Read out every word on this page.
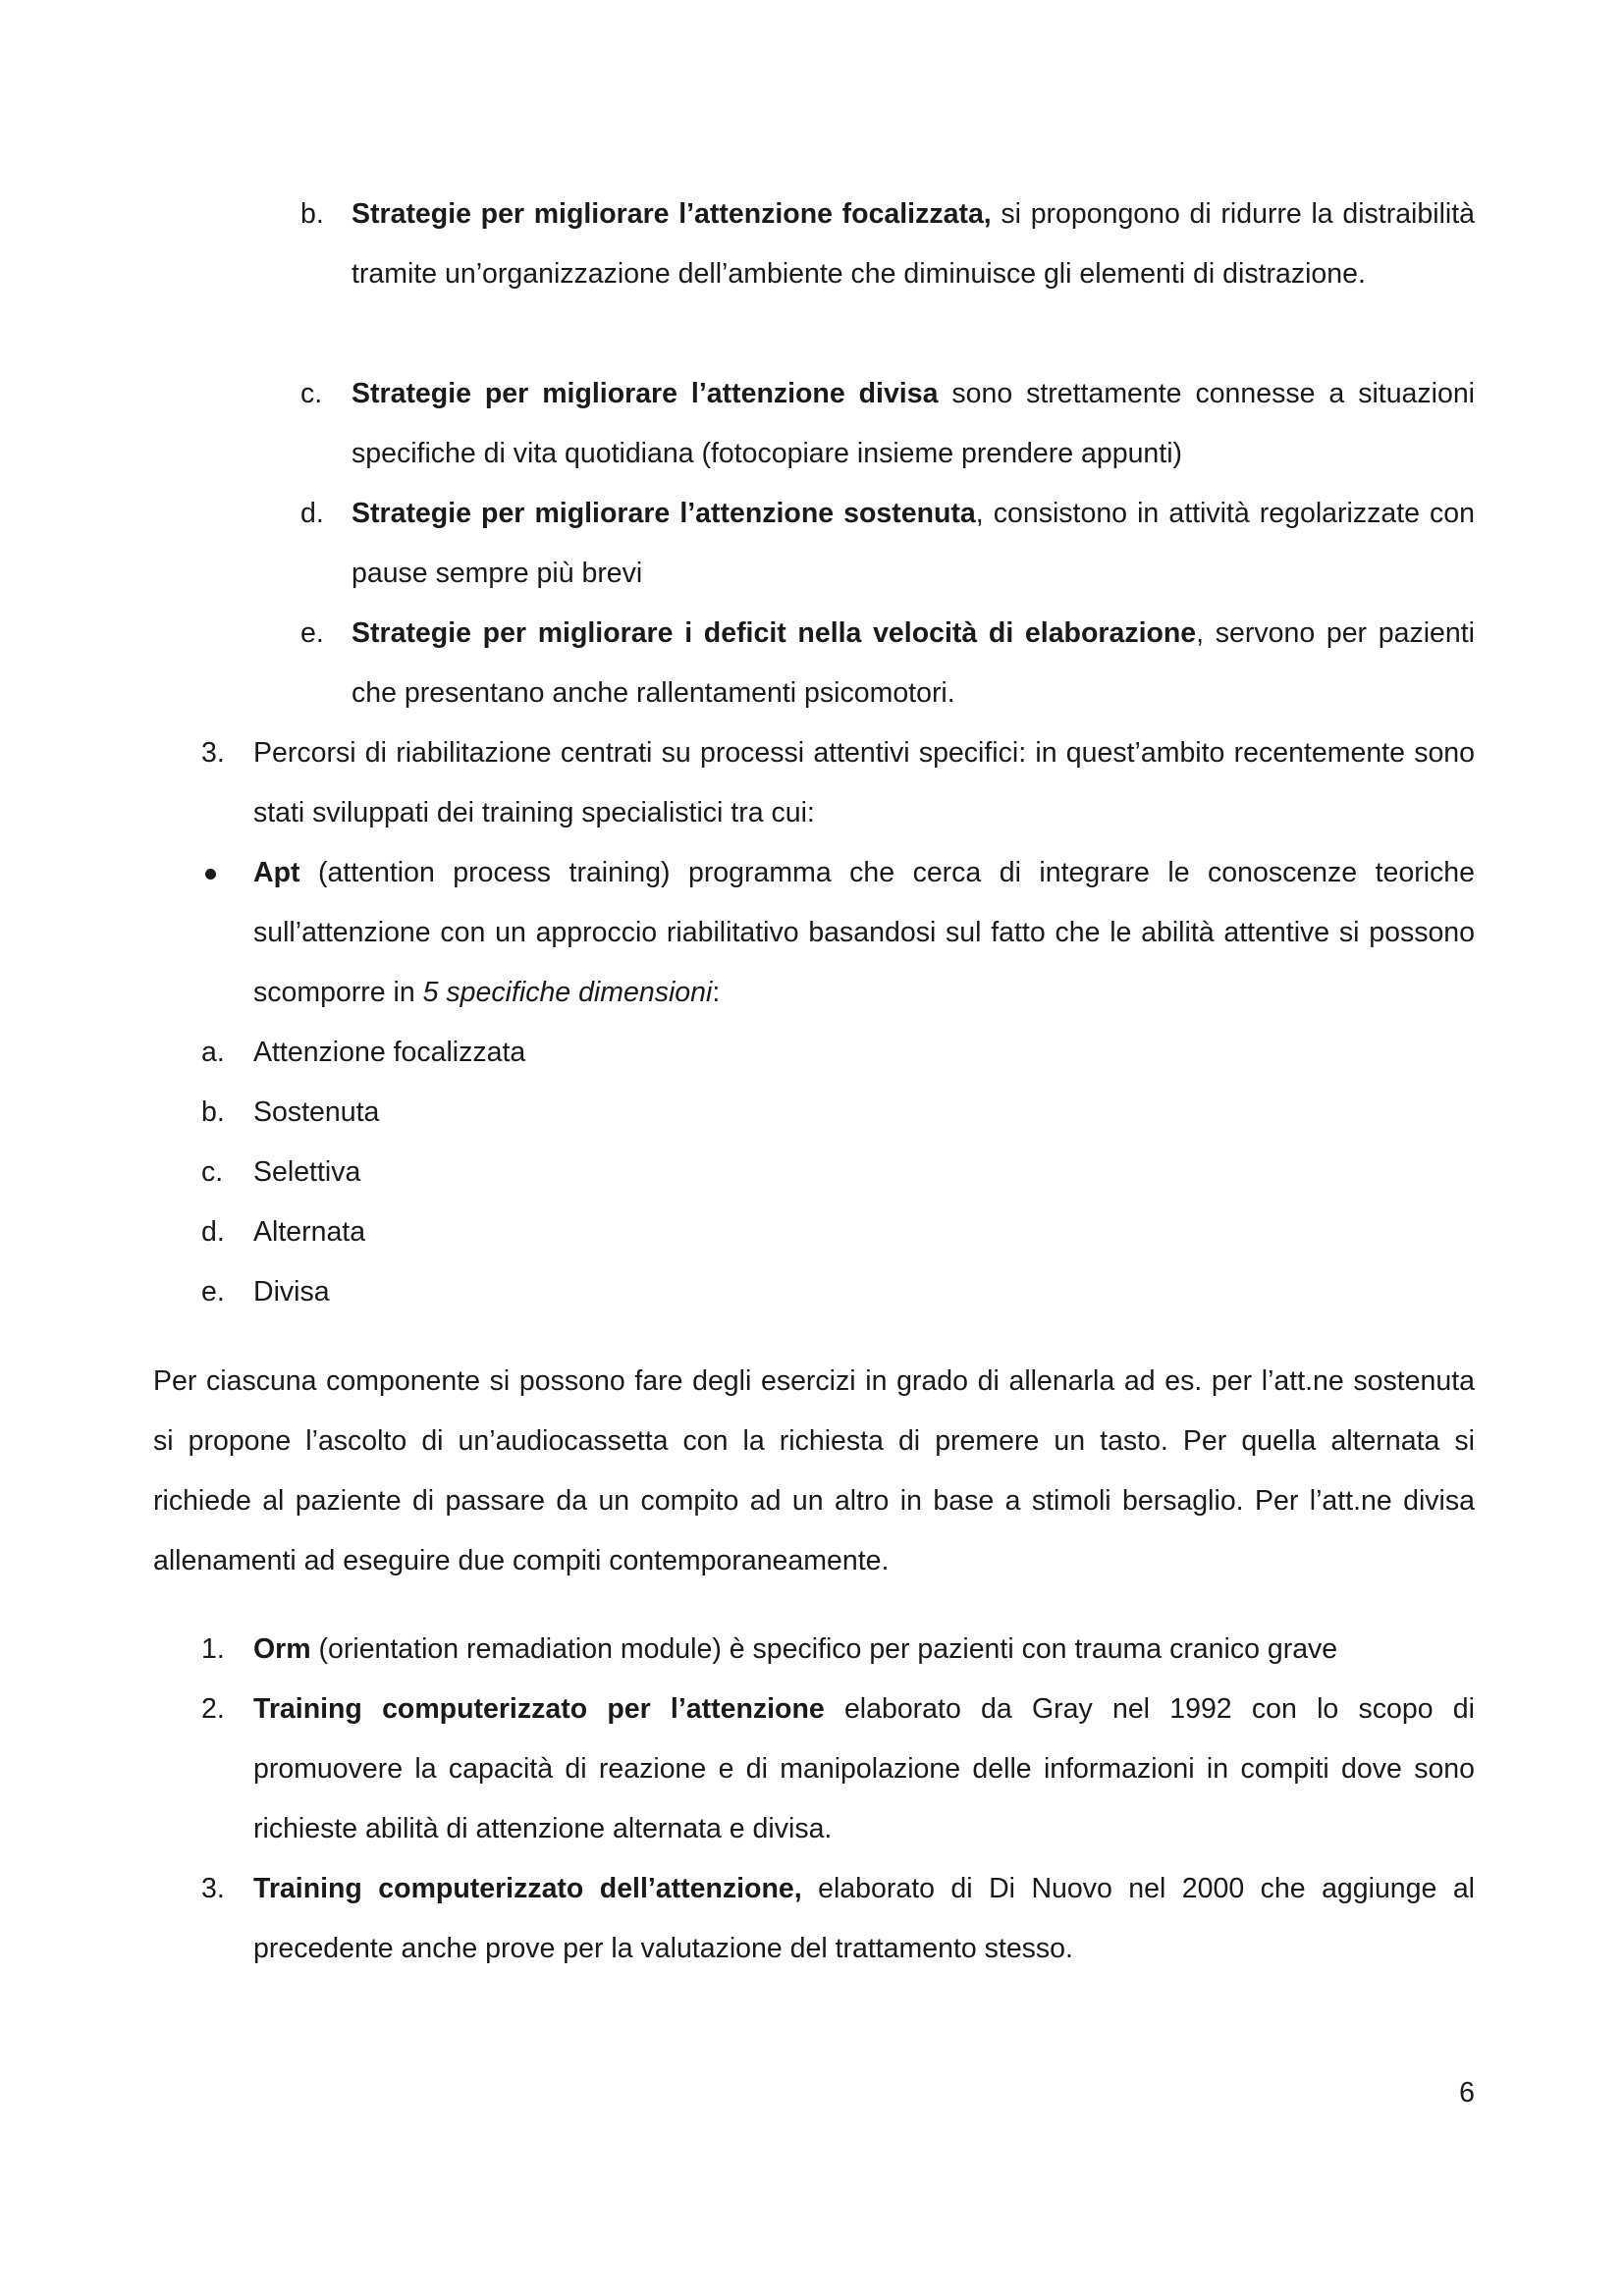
b. Strategie per migliorare l’attenzione focalizzata, si propongono di ridurre la distraibilità tramite un’organizzazione dell’ambiente che diminuisce gli elementi di distrazione.
c. Strategie per migliorare l’attenzione divisa sono strettamente connesse a situazioni specifiche di vita quotidiana (fotocopiare insieme prendere appunti)
d. Strategie per migliorare l’attenzione sostenuta, consistono in attività regolarizzate con pause sempre più brevi
e. Strategie per migliorare i deficit nella velocità di elaborazione, servono per pazienti che presentano anche rallentamenti psicomotori.
3. Percorsi di riabilitazione centrati su processi attentivi specifici: in quest’ambito recentemente sono stati sviluppati dei training specialistici tra cui:
Apt (attention process training) programma che cerca di integrare le conoscenze teoriche sull’attenzione con un approccio riabilitativo basandosi sul fatto che le abilità attentive si possono scomporre in 5 specifiche dimensioni:
a. Attenzione focalizzata
b. Sostenuta
c. Selettiva
d. Alternata
e. Divisa
Per ciascuna componente si possono fare degli esercizi in grado di allenarla ad es. per l’att.ne sostenuta si propone l’ascolto di un’audiocassetta con la richiesta di premere un tasto. Per quella alternata si richiede al paziente di passare da un compito ad un altro in base a stimoli bersaglio. Per l’att.ne divisa allenamenti ad eseguire due compiti contemporaneamente.
1. Orm (orientation remadiation module) è specifico per pazienti con trauma cranico grave
2. Training computerizzato per l’attenzione elaborato da Gray nel 1992 con lo scopo di promuovere la capacità di reazione e di manipolazione delle informazioni in compiti dove sono richieste abilità di attenzione alternata e divisa.
3. Training computerizzato dell’attenzione, elaborato di Di Nuovo nel 2000 che aggiunge al precedente anche prove per la valutazione del trattamento stesso.
6
